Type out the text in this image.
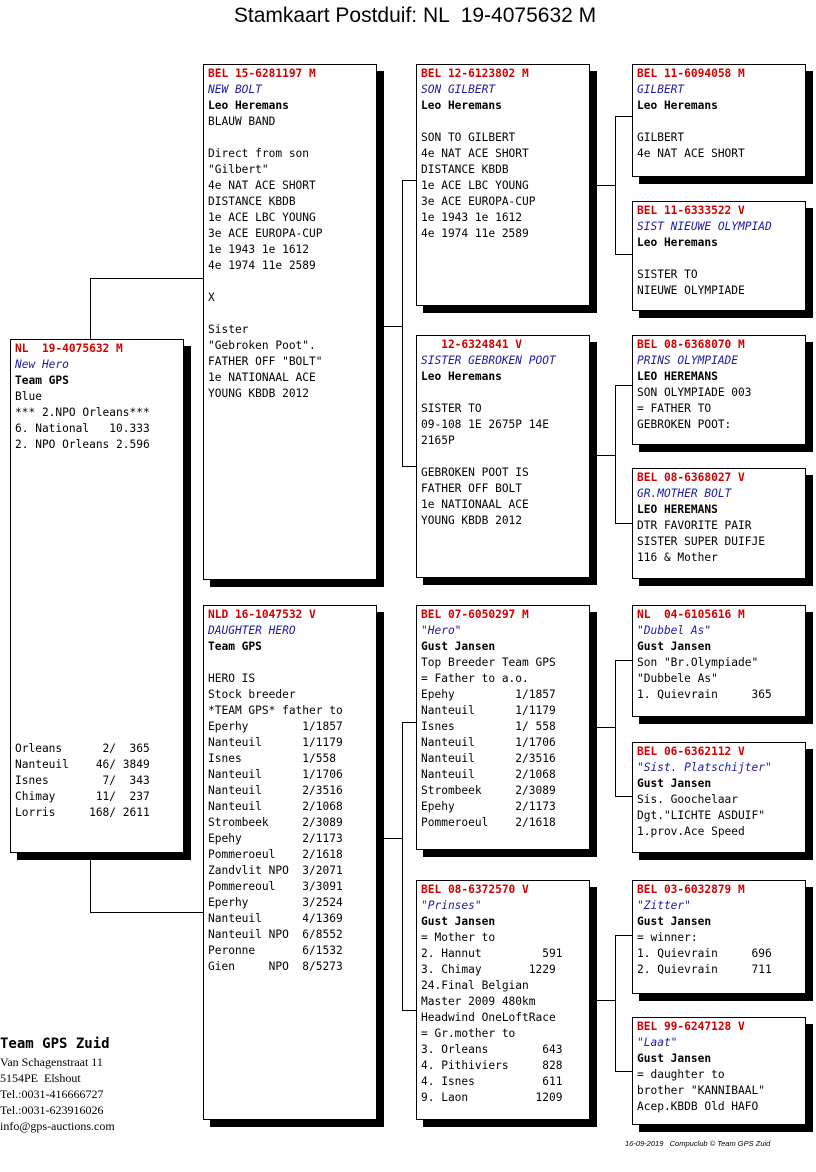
Stamkaart Postduif: NL  19-4075632 M
NL  19-4075632 M
New Hero
Team GPS
Blue
*** 2.NPO Orleans***
6. National   10.333
2. NPO Orleans 2.596
Orleans      2/  365
Nanteuil    46/ 3849
Isnes        7/  343
Chimay      11/  237
Lorris     168/ 2611
BEL 15-6281197 M
NEW BOLT
Leo Heremans
BLAUW BAND
Direct from son
"Gilbert"
4e NAT ACE SHORT
DISTANCE KBDB
1e ACE LBC YOUNG
3e ACE EUROPA-CUP
1e 1943 1e 1612
4e 1974 11e 2589
X
Sister
"Gebroken Poot".
FATHER OFF "BOLT"
1e NATIONAAL ACE
YOUNG KBDB 2012
NLD 16-1047532 V
DAUGHTER HERO
Team GPS
HERO IS
Stock breeder
*TEAM GPS* father to
Eperhy        1/1857
Nanteuil      1/1179
Isnes         1/558
Nanteuil      1/1706
Nanteuil      2/3516
Nanteuil      2/1068
Strombeek     2/3089
Epehy         2/1173
Pommeroeul    2/1618
Zandvlit NPO  3/2071
Pommereoul    3/3091
Eperhy        3/2524
Nanteuil      4/1369
Nanteuil NPO  6/8552
Peronne       6/1532
Gien     NPO  8/5273
BEL 12-6123802 M
SON GILBERT
Leo Heremans
SON TO GILBERT
4e NAT ACE SHORT
DISTANCE KBDB
1e ACE LBC YOUNG
3e ACE EUROPA-CUP
1e 1943 1e 1612
4e 1974 11e 2589
12-6324841 V
SISTER GEBROKEN POOT
Leo Heremans
SISTER TO
09-108 1E 2675P 14E
2165P
GEBROKEN POOT IS
FATHER OFF BOLT
1e NATIONAAL ACE
YOUNG KBDB 2012
BEL 07-6050297 M
"Hero"
Gust Jansen
Top Breeder Team GPS
= Father to a.o.
Epehy         1/1857
Nanteuil      1/1179
Isnes         1/ 558
Nanteuil      1/1706
Nanteuil      2/3516
Nanteuil      2/1068
Strombeek     2/3089
Epehy         2/1173
Pommeroeul    2/1618
BEL 08-6372570 V
"Prinses"
Gust Jansen
= Mother to
2. Hannut         591
3. Chimay       1229
24.Final Belgian
Master 2009 480km
Headwind OneLoftRace
= Gr.mother to
3. Orleans        643
4. Pithiviers     828
4. Isnes          611
9. Laon          1209
BEL 11-6094058 M
GILBERT
Leo Heremans
GILBERT
4e NAT ACE SHORT
BEL 11-6333522 V
SIST NIEUWE OLYMPIAD
Leo Heremans
SISTER TO
NIEUWE OLYMPIADE
BEL 08-6368070 M
PRINS OLYMPIADE
LEO HEREMANS
SON OLYMPIADE 003
= FATHER TO
GEBROKEN POOT:
BEL 08-6368027 V
GR.MOTHER BOLT
LEO HEREMANS
DTR FAVORITE PAIR
SISTER SUPER DUIFJE
116 & Mother
NL  04-6105616 M
"Dubbel As"
Gust Jansen
Son "Br.Olympiade"
"Dubbele As"
1. Quievrain     365
BEL 06-6362112 V
"Sist. Platschijter"
Gust Jansen
Sis. Goochelaar
Dgt."LICHTE ASDUIF"
1.prov.Ace Speed
BEL 03-6032879 M
"Zitter"
Gust Jansen
= winner:
1. Quievrain     696
2. Quievrain     711
BEL 99-6247128 V
"Laat"
Gust Jansen
= daughter to
brother "KANNIBAAL"
Acep.KBDB Old HAFO
Team GPS Zuid
Van Schagenstraat 11
5154PE  Elshout
Tel.:0031-416666727
Tel.:0031-623916026
info@gps-auctions.com
16-09-2019   Compuclub © Team GPS Zuid
